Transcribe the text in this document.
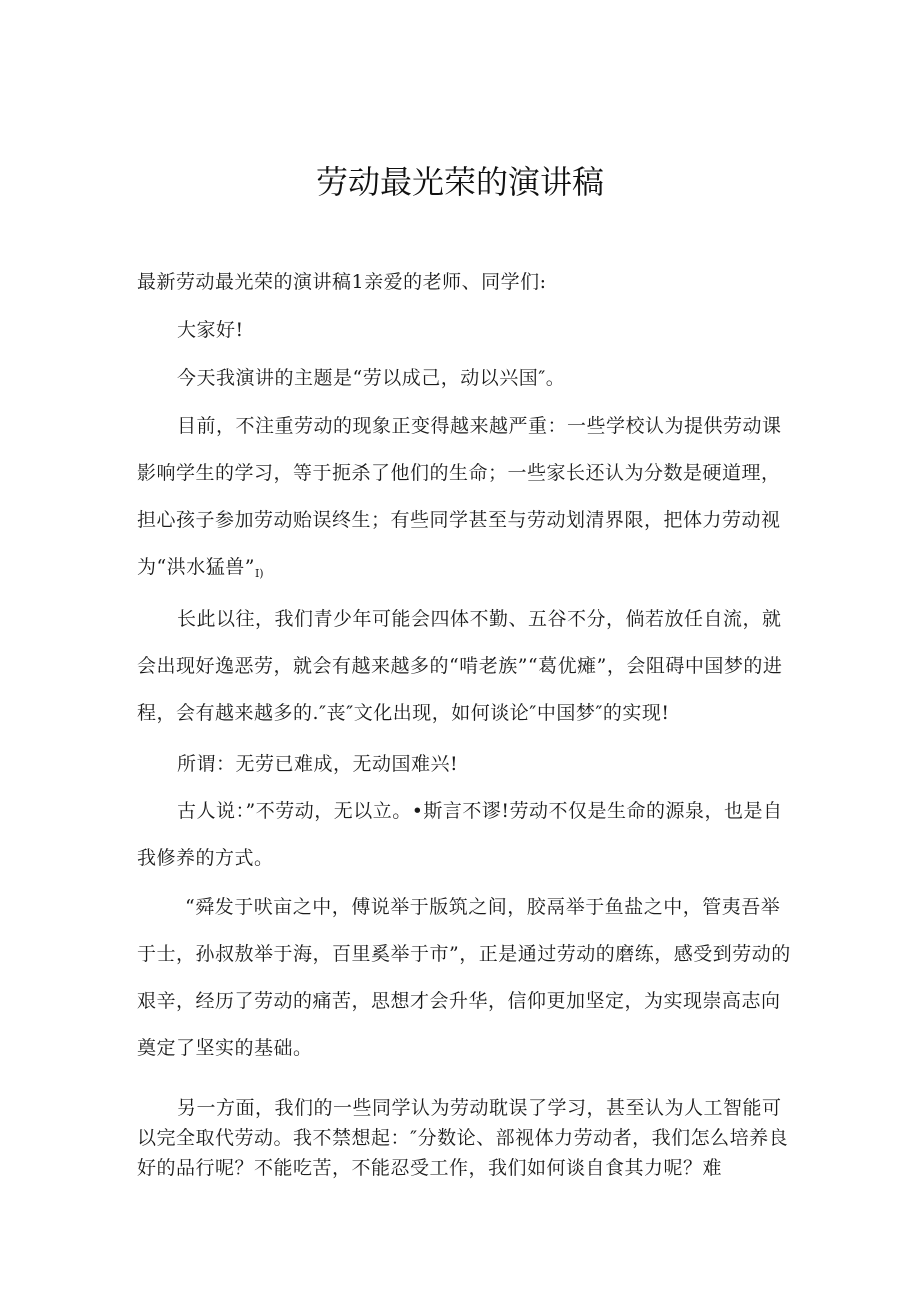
劳动最光荣的演讲稿

最新劳动最光荣的演讲稿1亲爱的老师、同学们:

大家好!

今天我演讲的主题是“劳以成己，动以兴国″。

目前，不注重劳动的现象正变得越来越严重：一些学校认为提供劳动课影响学生的学习，等于扼杀了他们的生命；一些家长还认为分数是硬道理，担心孩子参加劳动贻误终生；有些同学甚至与劳动划清界限，把体力劳动视为“洪水猛兽$”_{I)}$

长此以往，我们青少年可能会四体不勤、五谷不分，倘若放任自流，就会出现好逸恶劳，就会有越来越多的“啃老族”“葛优瘫”，会阻碍中国梦的进程，会有越来越多的.″丧″文化出现，如何谈论″中国梦″的实现!

所谓：无劳已难成，无动国难兴!

古人说：”不劳动，无以立。•斯言不谬!劳动不仅是生命的源泉，也是自我修养的方式。

“舜发于吠亩之中，傅说举于版筑之间，胶鬲举于鱼盐之中，管夷吾举于士，孙叔敖举于海，百里奚举于市”，正是通过劳动的磨练，感受到劳动的艰辛，经历了劳动的痛苦，思想才会升华，信仰更加坚定，为实现崇高志向奠定了坚实的基础。

另一方面，我们的一些同学认为劳动耽误了学习，甚至认为人工智能可以完全取代劳动。我不禁想起：″分数论、部视体力劳动者，我们怎么培养良好的品行呢？不能吃苦，不能忍受工作，我们如何谈自食其力呢？难
